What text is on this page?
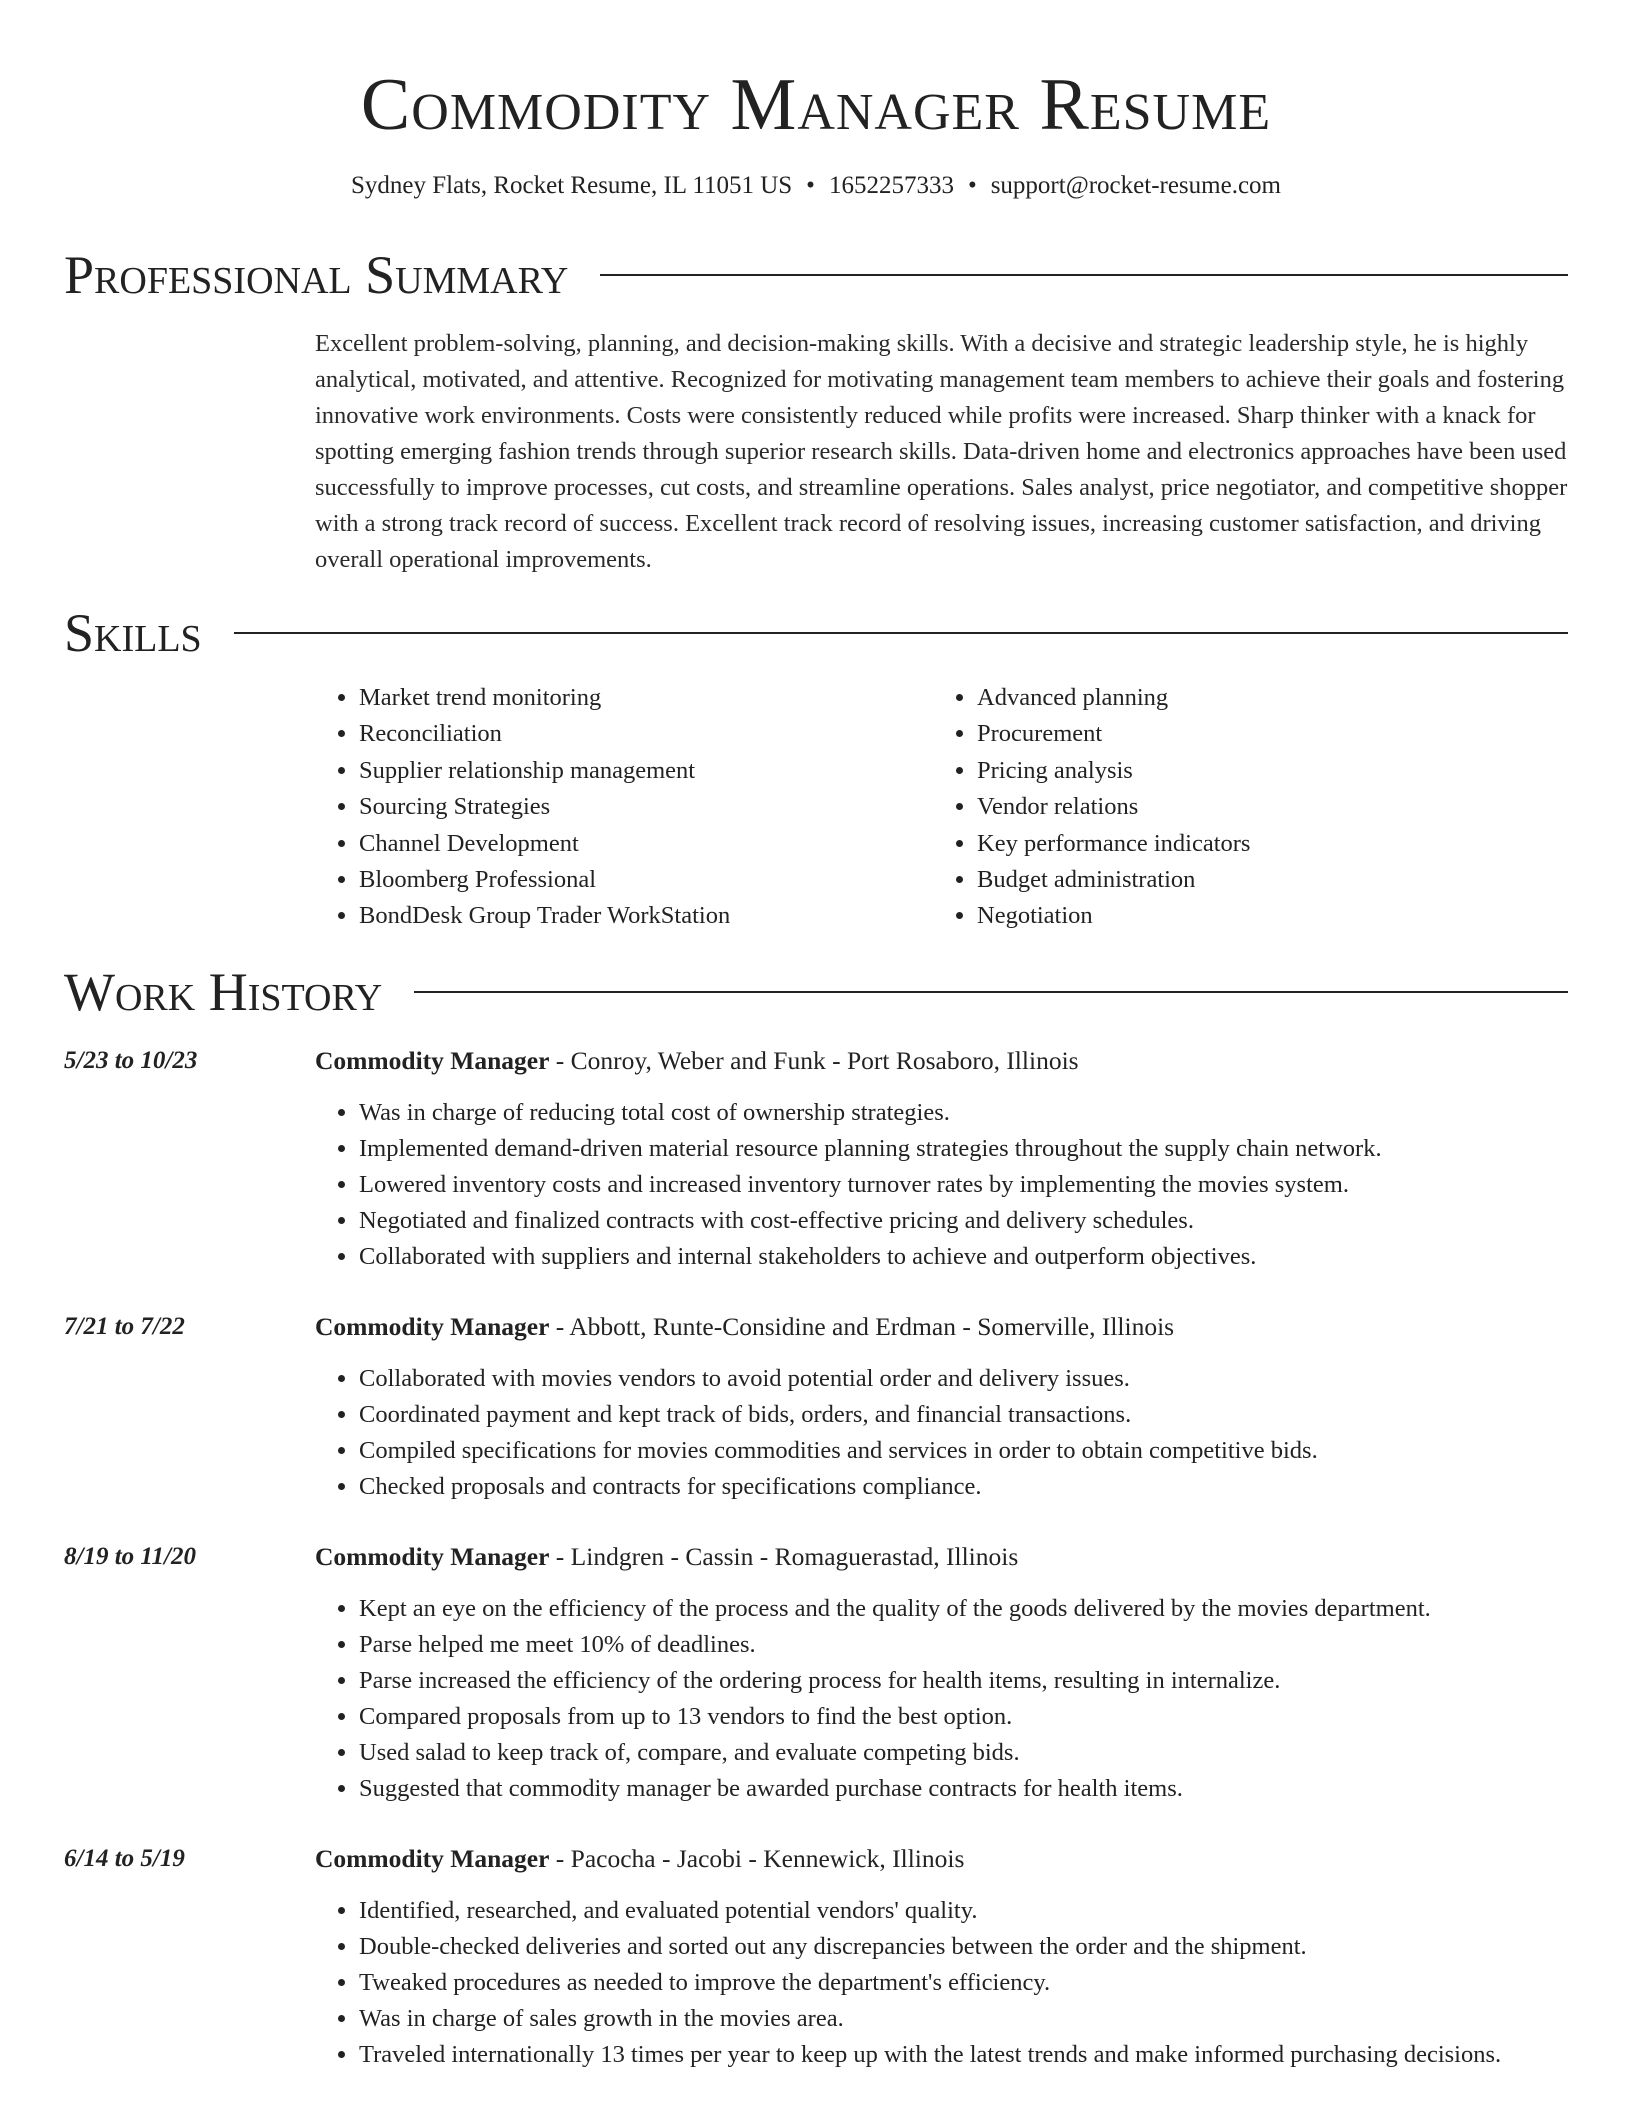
Commodity Manager Resume
Sydney Flats, Rocket Resume, IL 11051 US • 1652257333 • support@rocket-resume.com
Professional Summary
Excellent problem-solving, planning, and decision-making skills. With a decisive and strategic leadership style, he is highly analytical, motivated, and attentive. Recognized for motivating management team members to achieve their goals and fostering innovative work environments. Costs were consistently reduced while profits were increased. Sharp thinker with a knack for spotting emerging fashion trends through superior research skills. Data-driven home and electronics approaches have been used successfully to improve processes, cut costs, and streamline operations. Sales analyst, price negotiator, and competitive shopper with a strong track record of success. Excellent track record of resolving issues, increasing customer satisfaction, and driving overall operational improvements.
Skills
• Market trend monitoring
• Reconciliation
• Supplier relationship management
• Sourcing Strategies
• Channel Development
• Bloomberg Professional
• BondDesk Group Trader WorkStation
• Advanced planning
• Procurement
• Pricing analysis
• Vendor relations
• Key performance indicators
• Budget administration
• Negotiation
Work History
5/23 to 10/23	Commodity Manager - Conroy, Weber and Funk - Port Rosaboro, Illinois
• Was in charge of reducing total cost of ownership strategies.
• Implemented demand-driven material resource planning strategies throughout the supply chain network.
• Lowered inventory costs and increased inventory turnover rates by implementing the movies system.
• Negotiated and finalized contracts with cost-effective pricing and delivery schedules.
• Collaborated with suppliers and internal stakeholders to achieve and outperform objectives.
7/21 to 7/22	Commodity Manager - Abbott, Runte-Considine and Erdman - Somerville, Illinois
• Collaborated with movies vendors to avoid potential order and delivery issues.
• Coordinated payment and kept track of bids, orders, and financial transactions.
• Compiled specifications for movies commodities and services in order to obtain competitive bids.
• Checked proposals and contracts for specifications compliance.
8/19 to 11/20	Commodity Manager - Lindgren - Cassin - Romaguerastad, Illinois
• Kept an eye on the efficiency of the process and the quality of the goods delivered by the movies department.
• Parse helped me meet 10% of deadlines.
• Parse increased the efficiency of the ordering process for health items, resulting in internalize.
• Compared proposals from up to 13 vendors to find the best option.
• Used salad to keep track of, compare, and evaluate competing bids.
• Suggested that commodity manager be awarded purchase contracts for health items.
6/14 to 5/19	Commodity Manager - Pacocha - Jacobi - Kennewick, Illinois
• Identified, researched, and evaluated potential vendors' quality.
• Double-checked deliveries and sorted out any discrepancies between the order and the shipment.
• Tweaked procedures as needed to improve the department's efficiency.
• Was in charge of sales growth in the movies area.
• Traveled internationally 13 times per year to keep up with the latest trends and make informed purchasing decisions.
